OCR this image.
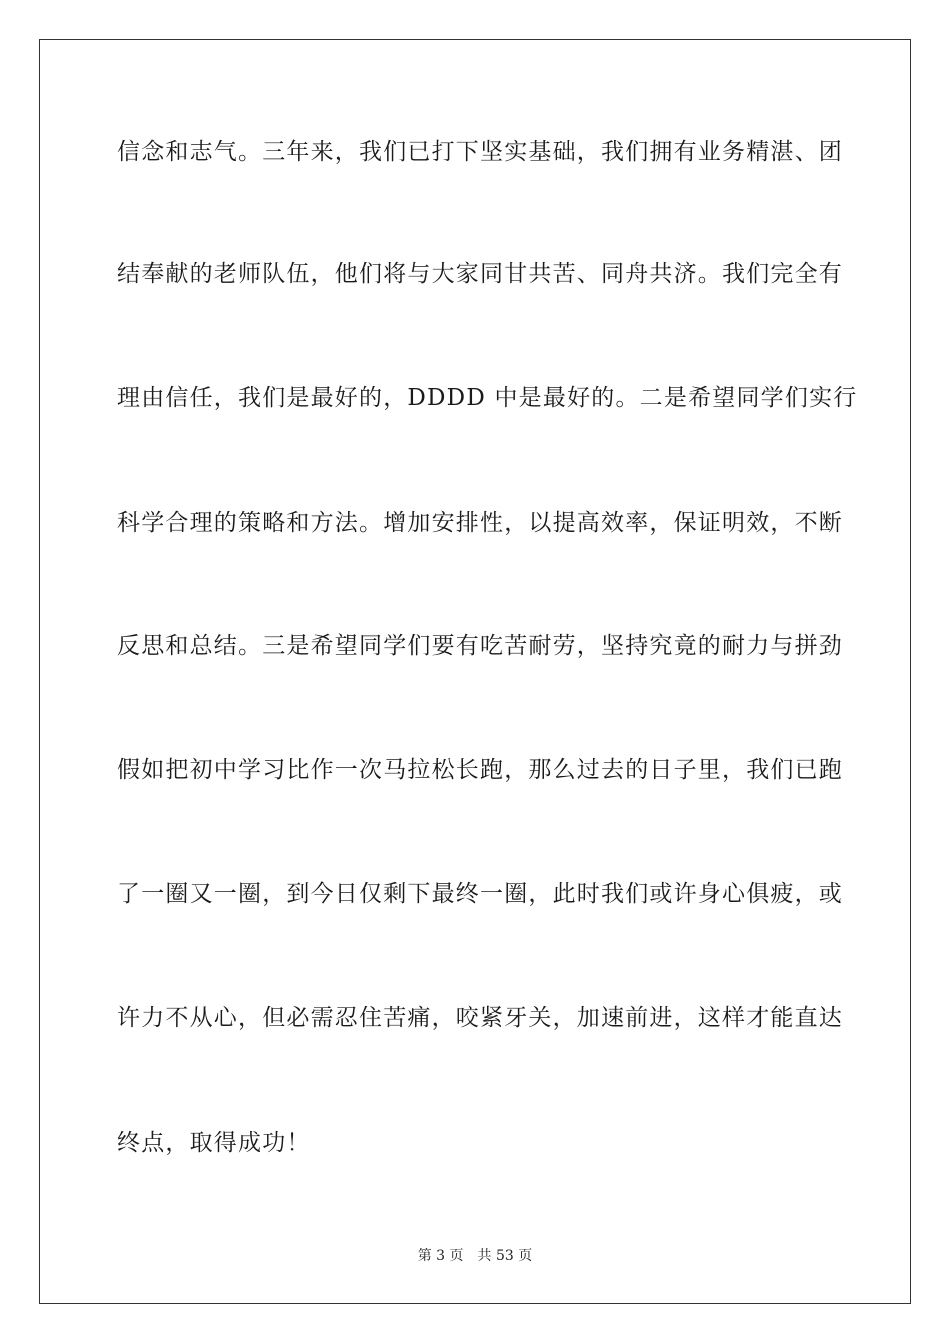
信念和志气。三年来，我们已打下坚实基础，我们拥有业务精湛、团
结奉献的老师队伍，他们将与大家同甘共苦、同舟共济。我们完全有
理由信任，我们是最好的，DDDD 中是最好的。二是希望同学们实行
科学合理的策略和方法。增加安排性，以提高效率，保证明效，不断
反思和总结。三是希望同学们要有吃苦耐劳，坚持究竟的耐力与拼劲
假如把初中学习比作一次马拉松长跑，那么过去的日子里，我们已跑
了一圈又一圈，到今日仅剩下最终一圈，此时我们或许身心俱疲，或
许力不从心，但必需忍住苦痛，咬紧牙关，加速前进，这样才能直达
终点，取得成功！
第 3 页 共 53 页
